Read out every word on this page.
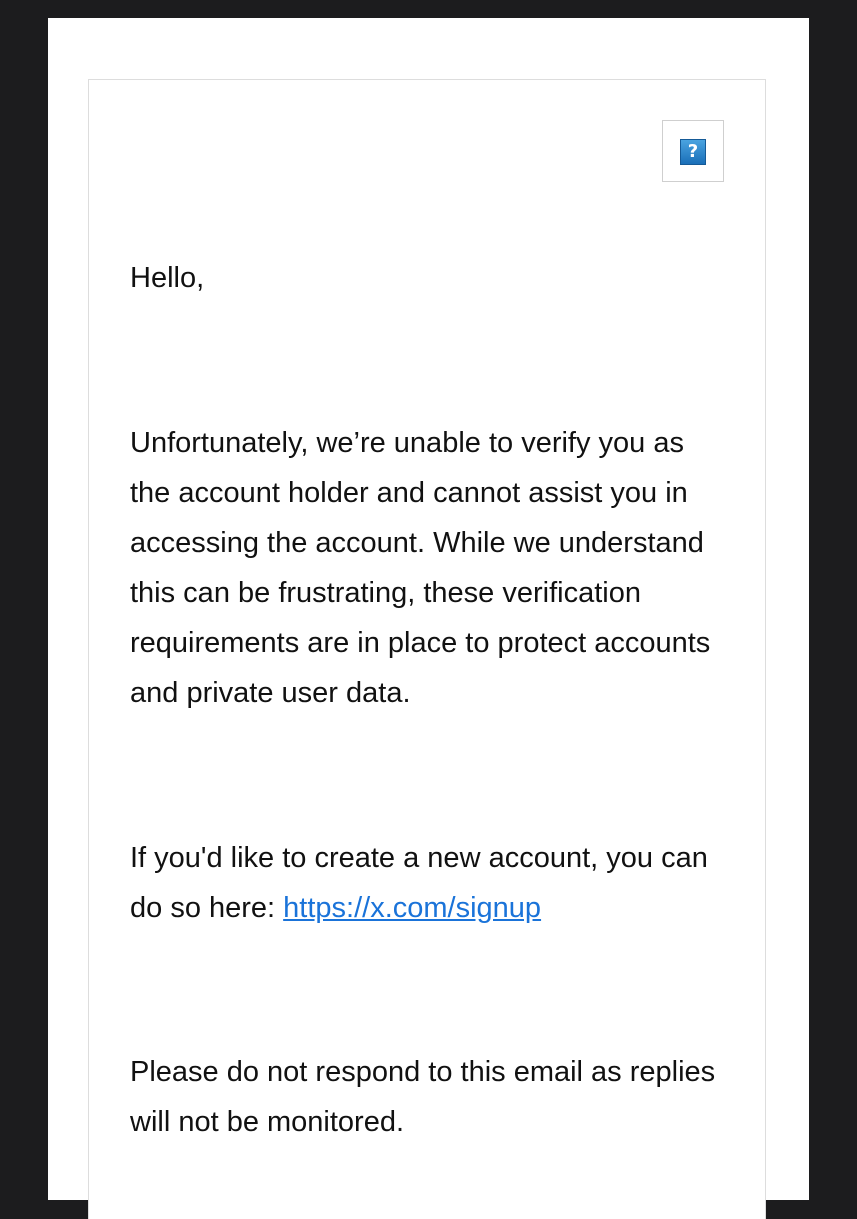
?

Hello,

Unfortunately, we’re unable to verify you as the account holder and cannot assist you in accessing the account. While we understand this can be frustrating, these verification requirements are in place to protect accounts and private user data.

If you'd like to create a new account, you can do so here: https://x.com/signup

Please do not respond to this email as replies will not be monitored.
